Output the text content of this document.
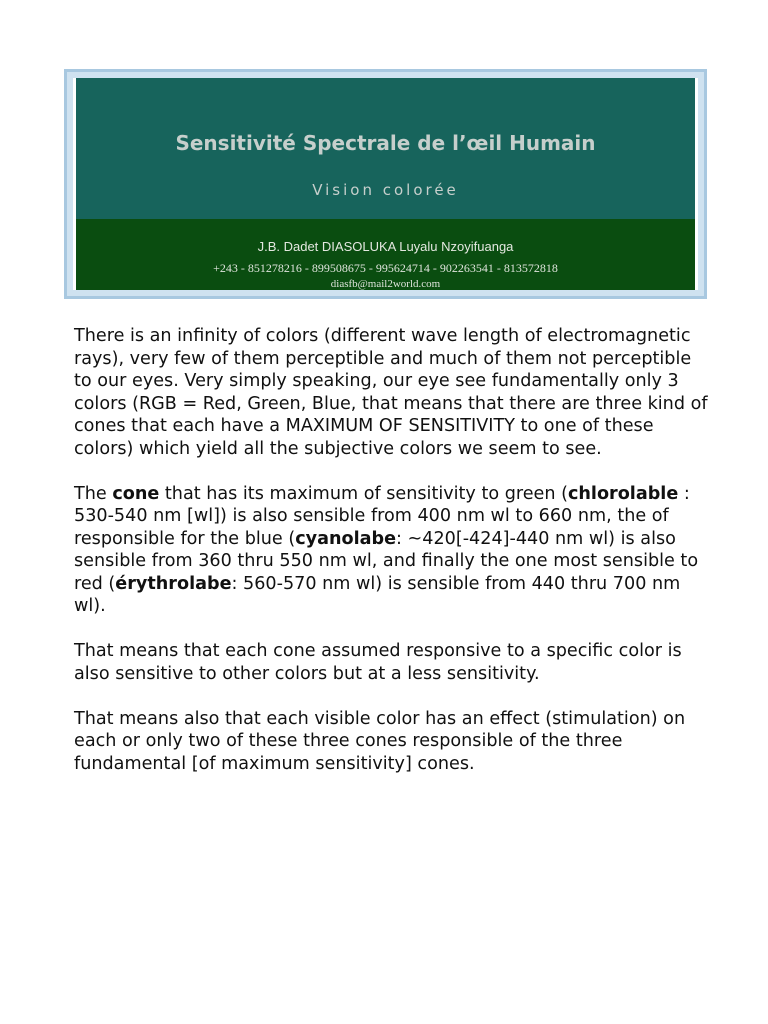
Sensitivité Spectrale de l’œil Humain
Vision colorée
J.B. Dadet DIASOLUKA Luyalu Nzoyifuanga
+243 - 851278216 - 899508675 - 995624714 - 902263541 - 813572818
diasfb@mail2world.com

There is an infinity of colors (different wave length of electromagnetic rays), very few of them perceptible and much of them not perceptible to our eyes. Very simply speaking, our eye see fundamentally only 3 colors (RGB = Red, Green, Blue, that means that there are three kind of cones that each have a MAXIMUM OF SENSITIVITY to one of these colors) which yield all the subjective colors we seem to see.

The cone that has its maximum of sensitivity to green (chlorolable : 530-540 nm [wl]) is also sensible from 400 nm wl to 660 nm, the of responsible for the blue (cyanolabe: ~420[-424]-440 nm wl) is also sensible from 360 thru 550 nm wl, and finally the one most sensible to red (érythrolabe: 560-570 nm wl) is sensible from 440 thru 700 nm wl).

That means that each cone assumed responsive to a specific color is also sensitive to other colors but at a less sensitivity.

That means also that each visible color has an effect (stimulation) on each or only two of these three cones responsible of the three fundamental [of maximum sensitivity] cones.
